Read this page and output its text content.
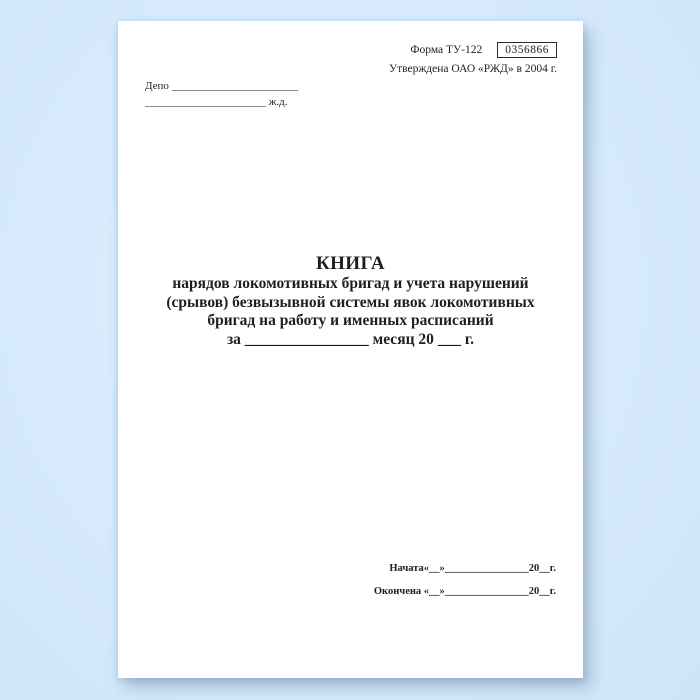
Форма ТУ-122	0356866
Утверждена ОАО «РЖД» в 2004 г.
Депо _______________________
______________________ ж.д.
КНИГА
нарядов локомотивных бригад и учета нарушений
(срывов) безвызывной системы явок локомотивных
бригад на работу и именных расписаний
за ________________ месяц 20 ___ г.
Начата«__»________________20__г.
Окончена «__»________________20__г.
